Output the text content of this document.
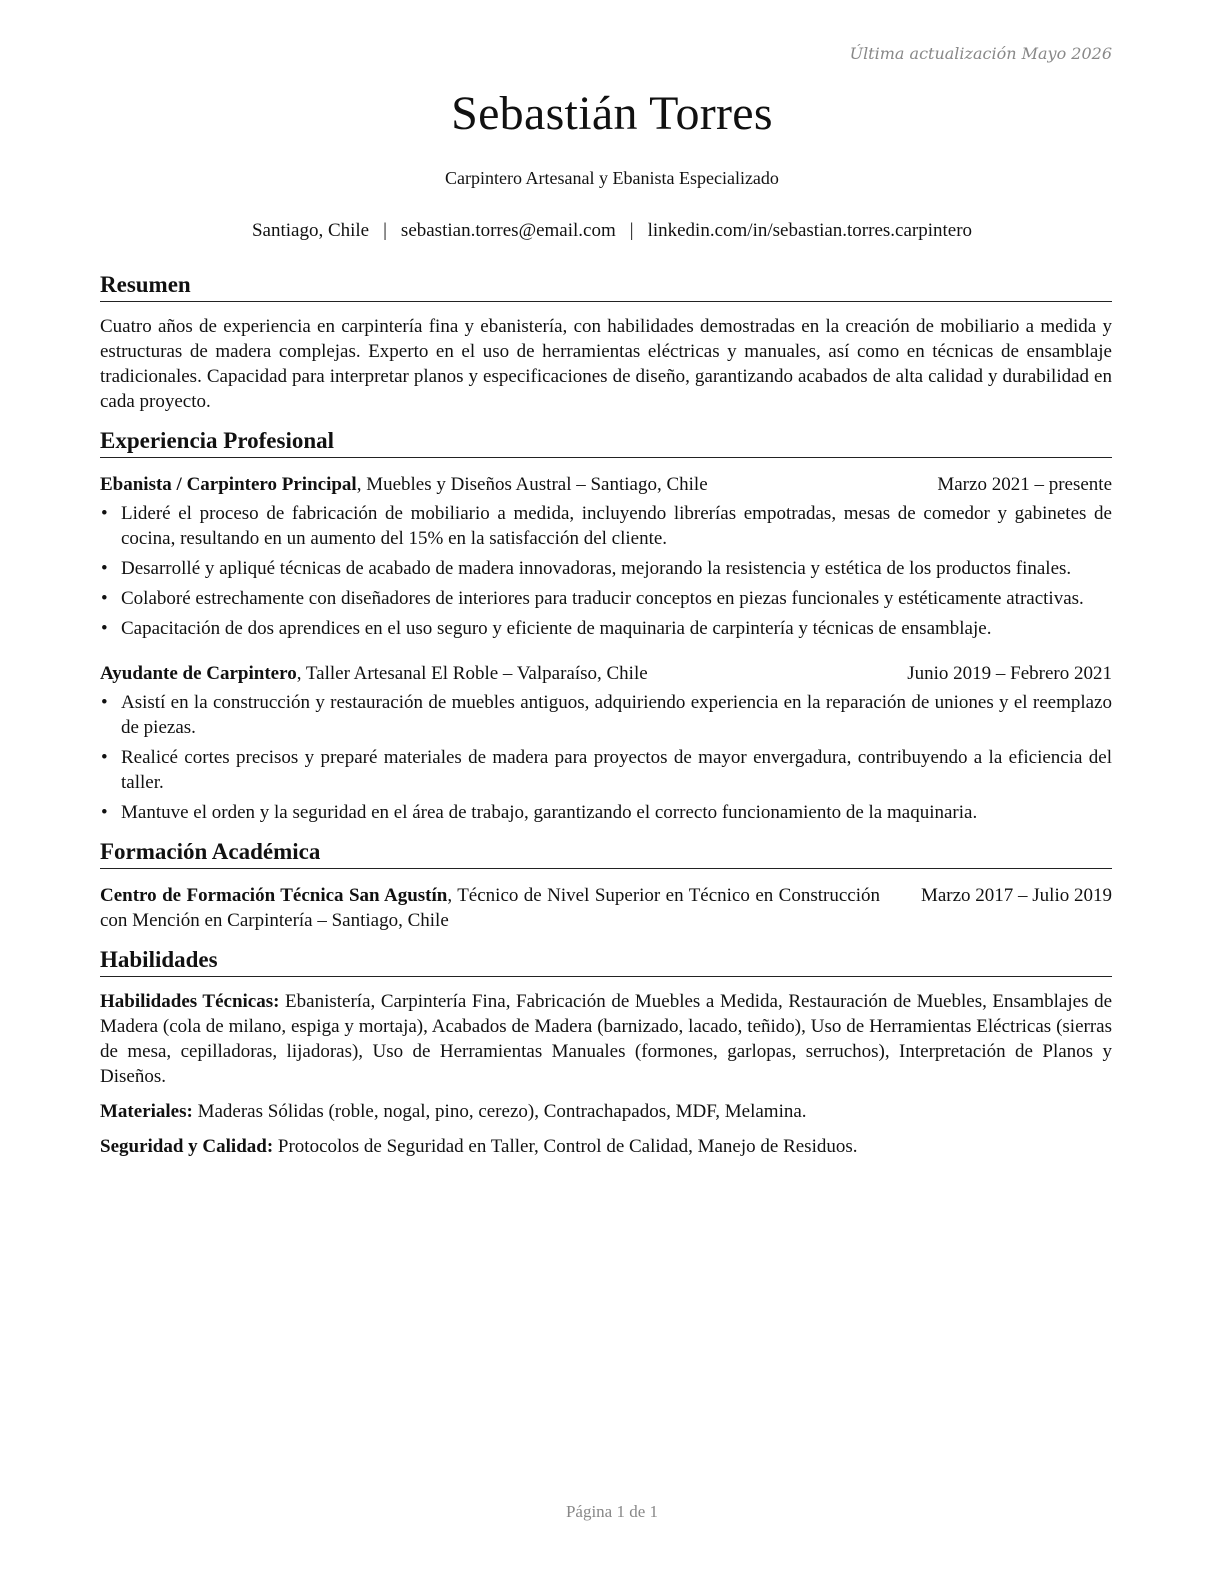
Última actualización Mayo 2026
Sebastián Torres
Carpintero Artesanal y Ebanista Especializado
Santiago, Chile | sebastian.torres@email.com | linkedin.com/in/sebastian.torres.carpintero
Resumen

Cuatro años de experiencia en carpintería fina y ebanistería, con habilidades demostradas en la creación de mobiliario a medida y estructuras de madera complejas. Experto en el uso de herramientas eléctricas y manuales, así como en técnicas de ensamblaje tradicionales. Capacidad para interpretar planos y especificaciones de diseño, garantizando acabados de alta calidad y durabilidad en cada proyecto.

Experiencia Profesional
Ebanista / Carpintero Principal, Muebles y Diseños Austral – Santiago, Chile	Marzo 2021 – presente
• Lideré el proceso de fabricación de mobiliario a medida, incluyendo librerías empotradas, mesas de comedor y gabinetes de cocina, resultando en un aumento del 15% en la satisfacción del cliente.
• Desarrollé y apliqué técnicas de acabado de madera innovadoras, mejorando la resistencia y estética de los productos finales.
• Colaboré estrechamente con diseñadores de interiores para traducir conceptos en piezas funcionales y estéticamente atractivas.
• Capacitación de dos aprendices en el uso seguro y eficiente de maquinaria de carpintería y técnicas de ensamblaje.
Ayudante de Carpintero, Taller Artesanal El Roble – Valparaíso, Chile	Junio 2019 – Febrero 2021
• Asistí en la construcción y restauración de muebles antiguos, adquiriendo experiencia en la reparación de uniones y el reemplazo de piezas.
• Realicé cortes precisos y preparé materiales de madera para proyectos de mayor envergadura, contribuyendo a la eficiencia del taller.
• Mantuve el orden y la seguridad en el área de trabajo, garantizando el correcto funcionamiento de la maquinaria.
Formación Académica
Centro de Formación Técnica San Agustín, Técnico de Nivel Superior en Técnico en Construcción con Mención en Carpintería – Santiago, Chile
Marzo 2017 – Julio 2019
Habilidades

Habilidades Técnicas: Ebanistería, Carpintería Fina, Fabricación de Muebles a Medida, Restauración de Muebles, Ensamblajes de Madera (cola de milano, espiga y mortaja), Acabados de Madera (barnizado, lacado, teñido), Uso de Herramientas Eléctricas (sierras de mesa, cepilladoras, lijadoras), Uso de Herramientas Manuales (formones, garlopas, serruchos), Interpretación de Planos y Diseños.

Materiales: Maderas Sólidas (roble, nogal, pino, cerezo), Contrachapados, MDF, Melamina.

Seguridad y Calidad: Protocolos de Seguridad en Taller, Control de Calidad, Manejo de Residuos.

Página 1 de 1
